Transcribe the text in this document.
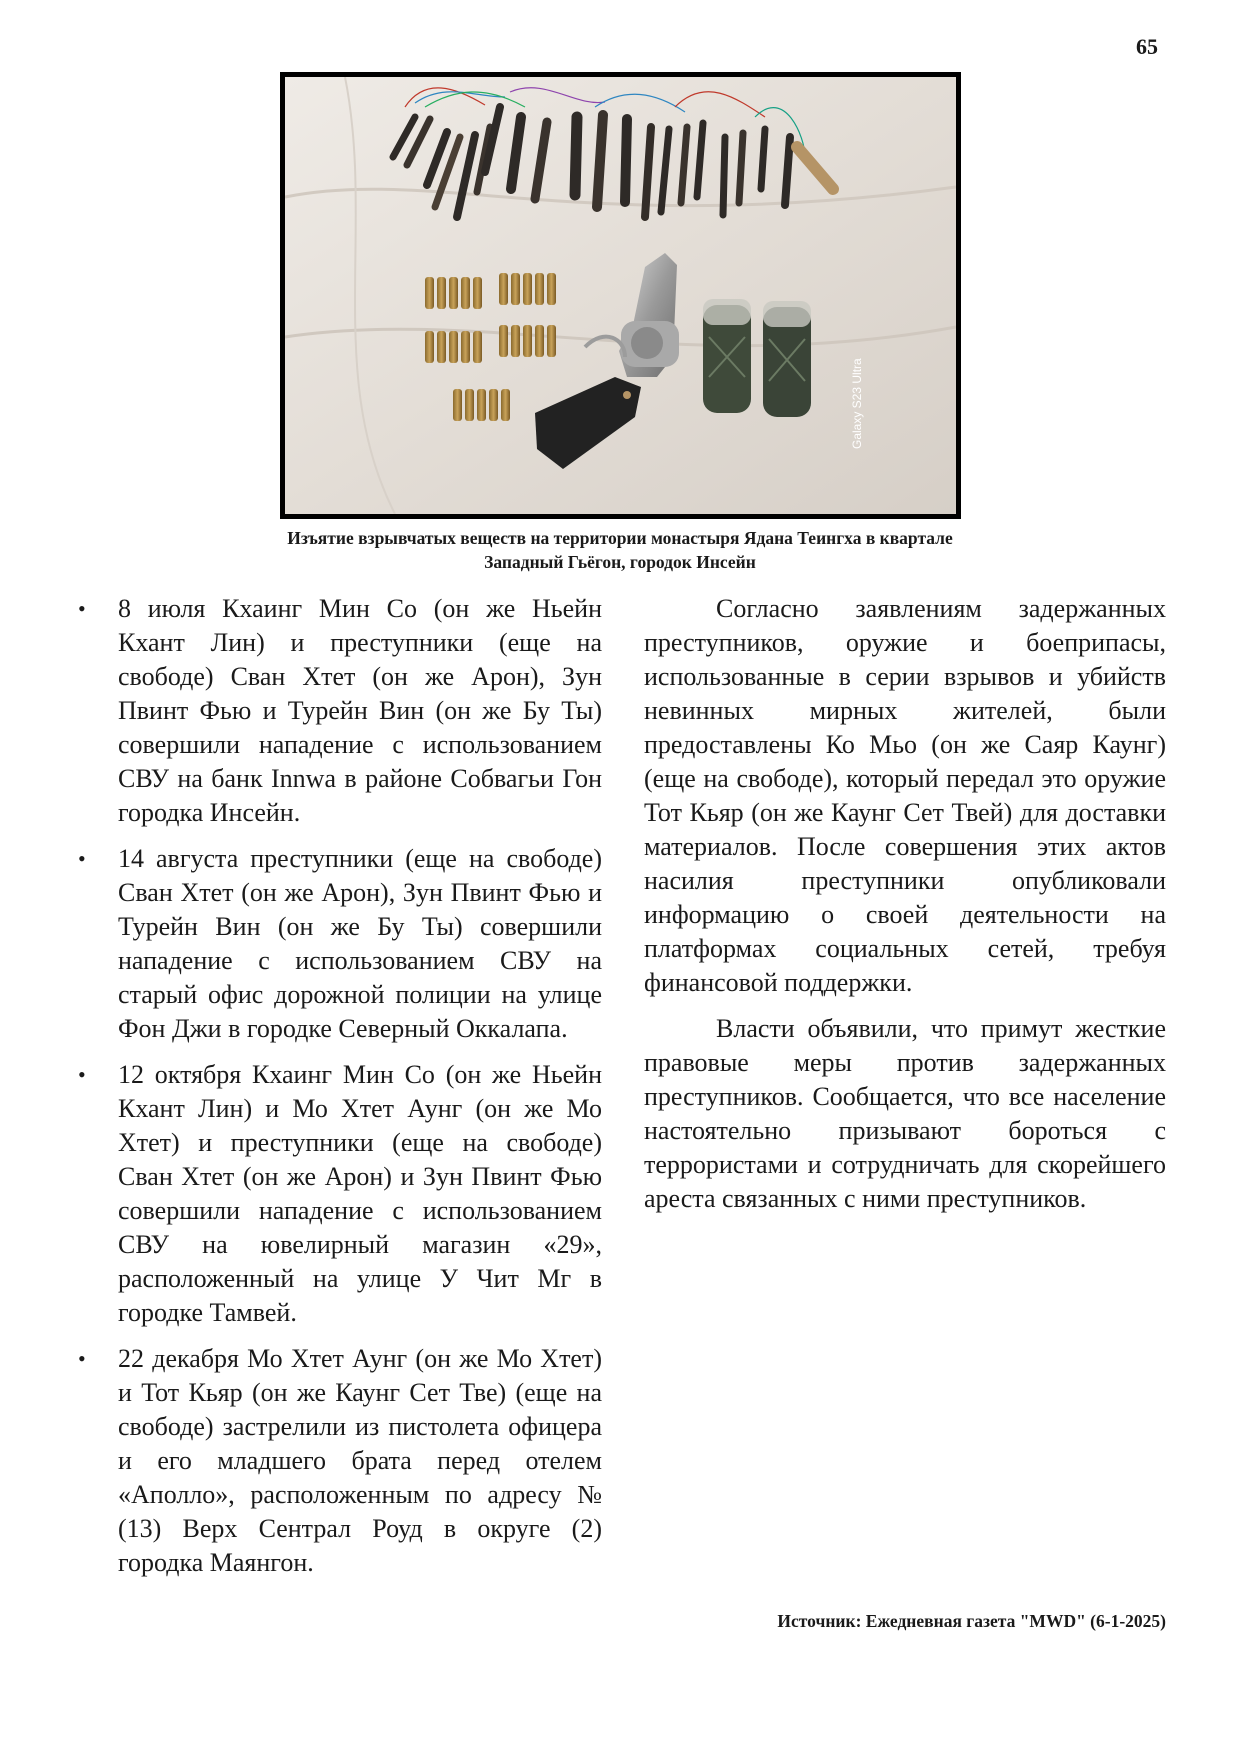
65
Galaxy S23 Ultra
Изъятие взрывчатых веществ на территории монастыря Ядана Теингха в квартале
Западный Гьёгон, городок Инсейн
• 8 июля Кхаинг Мин Со (он же Ньейн Кхант Лин) и преступники (еще на свободе) Сван Хтет (он же Арон), Зун Пвинт Фью и Турейн Вин (он же Бу Ты) совершили нападение с использованием СВУ на банк Innwa в районе Собвагьи Гон городка Инсейн.
• 14 августа преступники (еще на свободе) Сван Хтет (он же Арон), Зун Пвинт Фью и Турейн Вин (он же Бу Ты) совершили нападение с использованием СВУ на старый офис дорожной полиции на улице Фон Джи в городке Северный Оккалапа.
• 12 октября Кхаинг Мин Со (он же Ньейн Кхант Лин) и Мо Хтет Аунг (он же Мо Хтет) и преступники (еще на свободе) Сван Хтет (он же Арон) и Зун Пвинт Фью совершили нападение с использованием СВУ на ювелирный магазин «29», расположенный на улице У Чит Мг в городке Тамвей.
• 22 декабря Мо Хтет Аунг (он же Мо Хтет) и Тот Кьяр (он же Каунг Сет Тве) (еще на свободе) застрелили из пистолета офицера и его младшего брата перед отелем «Аполло», расположенным по адресу № (13) Верх Сентрал Роуд в округе (2) городка Маянгон.

Согласно заявлениям задержанных преступников, оружие и боеприпасы, использованные в серии взрывов и убийств невинных мирных жителей, были предоставлены Ко Мьо (он же Саяр Каунг) (еще на свободе), который передал это оружие Тот Кьяр (он же Каунг Сет Твей) для доставки материалов. После совершения этих актов насилия преступники опубликовали информацию о своей деятельности на платформах социальных сетей, требуя финансовой поддержки.

Власти объявили, что примут жесткие правовые меры против задержанных преступников. Сообщается, что все население настоятельно призывают бороться с террористами и сотрудничать для скорейшего ареста связанных с ними преступников.

Источник: Ежедневная газета "MWD" (6-1-2025)
